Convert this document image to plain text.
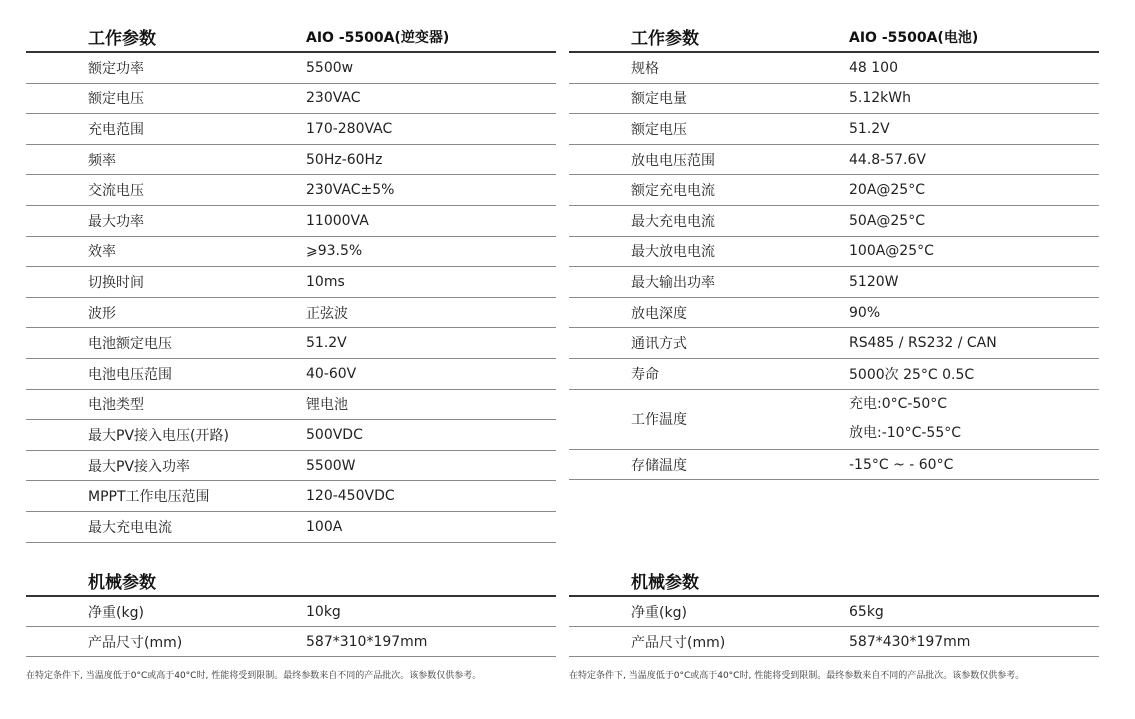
工作参数	AIO -5500A(逆变器)
额定功率	5500w
额定电压	230VAC
充电范围	170-280VAC
频率	50Hz-60Hz
交流电压	230VAC±5%
最大功率	11000VA
效率	⩾93.5%
切换时间	10ms
波形	正弦波
电池额定电压	51.2V
电池电压范围	40-60V
电池类型	锂电池
最大PV接入电压(开路)	500VDC
最大PV接入功率	5500W
MPPT工作电压范围	120-450VDC
最大充电电流	100A
工作参数	AIO -5500A(电池)
规格	48 100
额定电量	5.12kWh
额定电压	51.2V
放电电压范围	44.8-57.6V
额定充电电流	20A@25°C
最大充电电流	50A@25°C
最大放电电流	100A@25°C
最大输出功率	5120W
放电深度	90%
通讯方式	RS485 / RS232 / CAN
寿命	5000次 25°C 0.5C
工作温度	充电:0°C-50°C
放电:-10°C-55°C

存储温度	-15°C ~ - 60°C
机械参数	
净重(kg)	10kg
产品尺寸(mm)	587*310*197mm
机械参数	
净重(kg)	65kg
产品尺寸(mm)	587*430*197mm
在特定条件下, 当温度低于0°C或高于40°C时, 性能将受到限制。最终参数来自不同的产品批次。该参数仅供参考。	在特定条件下, 当温度低于0°C或高于40°C时, 性能将受到限制。最终参数来自不同的产品批次。该参数仅供参考。
